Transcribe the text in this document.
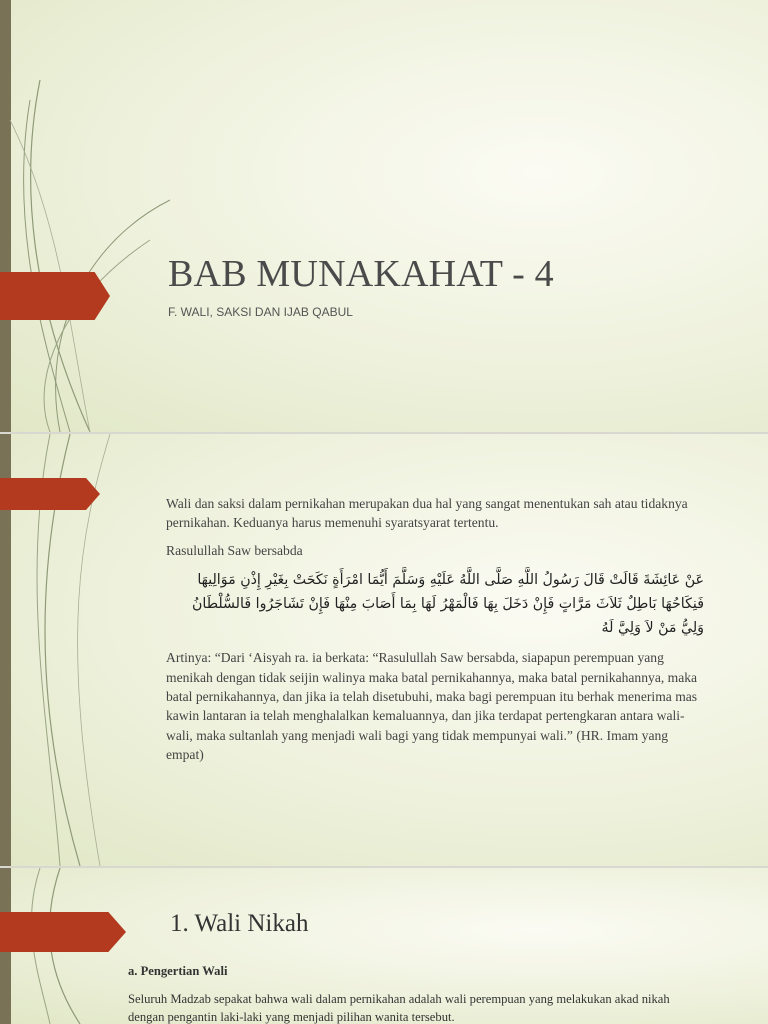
BAB MUNAKAHAT - 4
F. WALI, SAKSI DAN IJAB QABUL
Wali dan saksi dalam pernikahan merupakan dua hal yang sangat menentukan sah atau tidaknya pernikahan. Keduanya harus memenuhi syaratsyarat tertentu.
Rasulullah Saw bersabda
عَنْ عَائِشَةَ قَالَتْ قَالَ رَسُولُ اللَّهِ صَلَّى اللَّهُ عَلَيْهِ وَسَلَّمَ أَيُّمَا امْرَأَةٍ نَكَحَتْ بِغَيْرِ إِذْنِ مَوَالِيهَا فَنِكَاحُهَا بَاطِلٌ ثَلاَثَ مَرَّاتٍ فَإِنْ دَخَلَ بِهَا فَالْمَهْرُ لَهَا بِمَا أَصَابَ مِنْهَا فَإِنْ تَشَاجَرُوا فَالسُّلْطَانُ وَلِيُّ مَنْ لاَ وَلِيَّ لَهُ
Artinya: “Dari ‘Aisyah ra. ia berkata: “Rasulullah Saw bersabda, siapapun perempuan yang menikah dengan tidak seijin walinya maka batal pernikahannya, maka batal pernikahannya, maka batal pernikahannya, dan jika ia telah disetubuhi, maka bagi perempuan itu berhak menerima mas kawin lantaran ia telah menghalalkan kemaluannya, dan jika terdapat pertengkaran antara wali-wali, maka sultanlah yang menjadi wali bagi yang tidak mempunyai wali.” (HR. Imam yang empat)
1. Wali Nikah
a. Pengertian Wali
Seluruh Madzab sepakat bahwa wali dalam pernikahan adalah wali perempuan yang melakukan akad nikah dengan pengantin laki-laki yang menjadi pilihan wanita tersebut.
